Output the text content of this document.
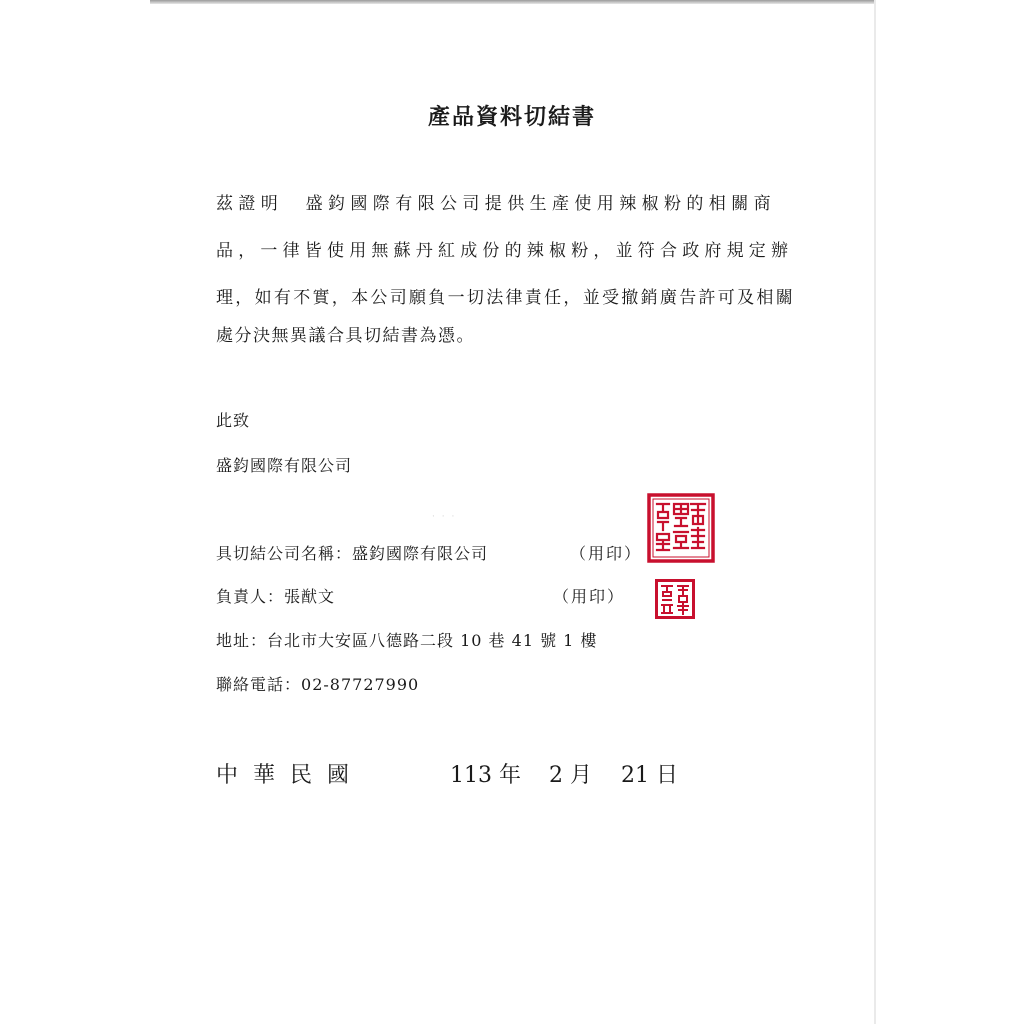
產品資料切結書
茲證明　盛鈞國際有限公司提供生產使用辣椒粉的相關商
品，一律皆使用無蘇丹紅成份的辣椒粉，並符合政府規定辦
理，如有不實，本公司願負一切法律責任，並受撤銷廣告許可及相關
處分決無異議合具切結書為憑。
此致
盛鈞國際有限公司
· · ·
具切結公司名稱：盛鈞國際有限公司	（用印）
負責人：張猷文	（用印）
地址：台北市大安區八德路二段 10 巷 41 號 1 樓
聯絡電話：02-87727990
中 華 民 國	113 年 2 月 21 日
